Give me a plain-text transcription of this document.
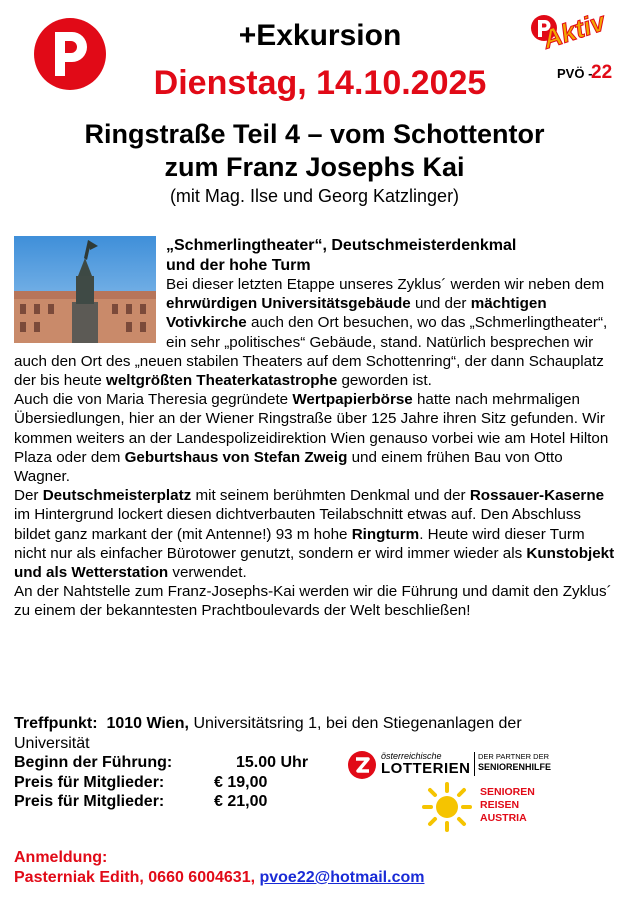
+Exkursion
Dienstag, 14.10.2025
Aktiv
PVÖ -
22
Ringstraße Teil 4 – vom Schottentor
zum Franz Josephs Kai
(mit Mag. Ilse und Georg Katzlinger)
„Schmerlingtheater“, Deutschmeisterdenkmal
und der hohe Turm

Bei dieser letzten Etappe unseres Zyklus´ werden wir neben dem ehrwürdigen Universitätsgebäude und der mächtigen Votivkirche auch den Ort besuchen, wo das „Schmerlingtheater“, ein sehr „politisches“ Gebäude, stand. Natürlich besprechen wir auch den Ort des „neuen stabilen Theaters auf dem Schottenring“, der dann Schauplatz der bis heute weltgrößten Theaterkatastrophe geworden ist.

Auch die von Maria Theresia gegründete Wertpapierbörse hatte nach mehrmaligen Übersiedlungen, hier an der Wiener Ringstraße über 125 Jahre ihren Sitz gefunden. Wir kommen weiters an der Landespolizeidirektion Wien genauso vorbei wie am Hotel Hilton Plaza oder dem Geburtshaus von Stefan Zweig und einem frühen Bau von Otto Wagner.

Der Deutschmeisterplatz mit seinem berühmten Denkmal und der Rossauer-Kaserne im Hintergrund lockert diesen dichtverbauten Teilabschnitt etwas auf. Den Abschluss bildet ganz markant der (mit Antenne!) 93 m hohe Ringturm. Heute wird dieser Turm nicht nur als einfacher Bürotower genutzt, sondern er wird immer wieder als Kunstobjekt und als Wetterstation verwendet.

An der Nahtstelle zum Franz-Josephs-Kai werden wir die Führung und damit den Zyklus´ zu einem der bekanntesten Prachtboulevards der Welt beschließen!

Treffpunkt: 1010 Wien, Universitätsring 1, bei den Stiegenanlagen der Universität
Beginn der Führung:	15.00 Uhr
Preis für Mitglieder:	€ 19,00
Preis für Mitglieder:	€ 21,00
österreichische
LOTTERIEN
DER PARTNER DER
SENIORENHILFE
SENIOREN
REISEN
AUSTRIA
Anmeldung:
Pasterniak Edith, 0660 6004631, pvoe22@hotmail.com
